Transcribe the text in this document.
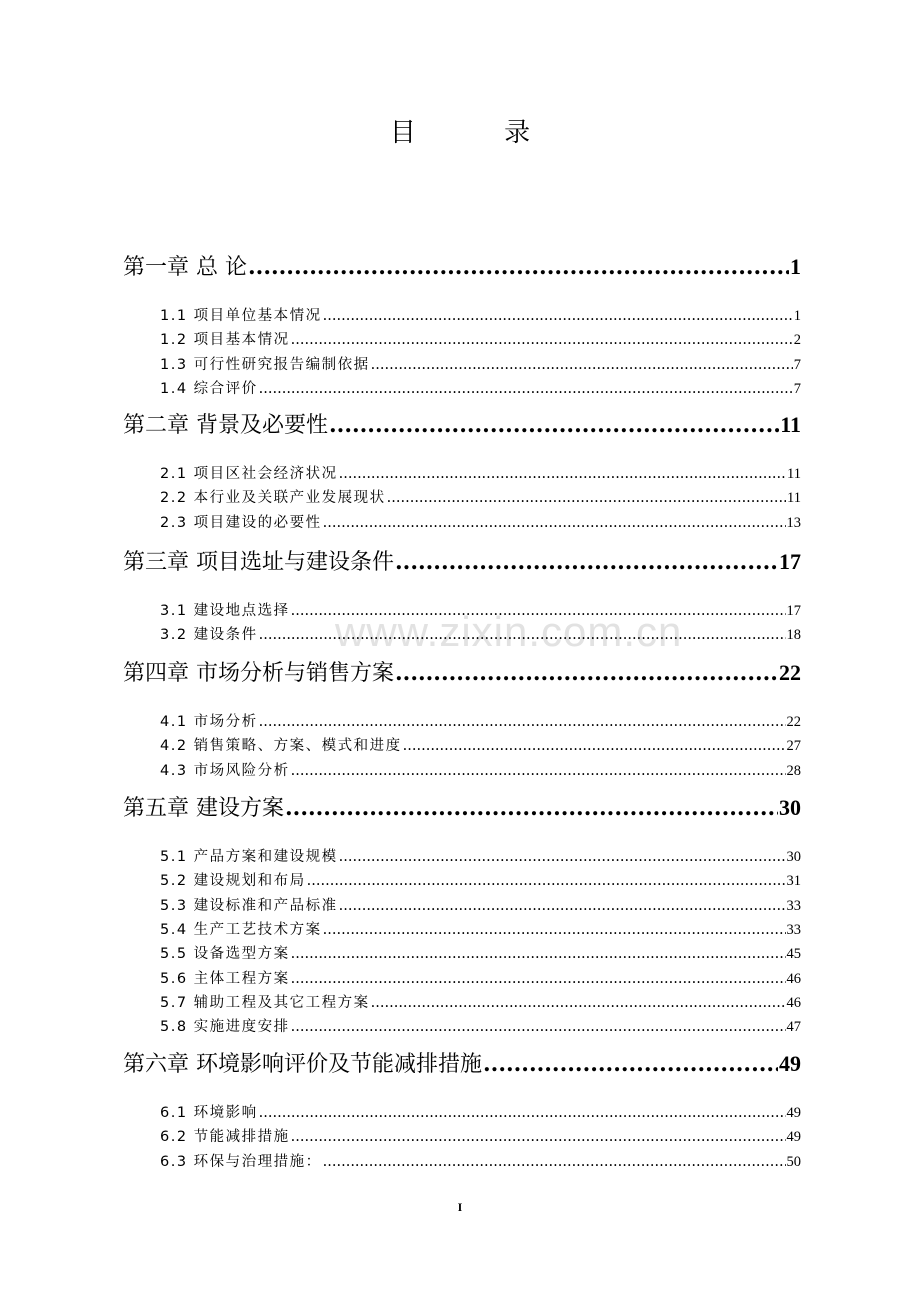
目 录
www.zixin.com.cn
第一章 总 论 .....	1
1.1 项目单位基本情况 .....	1
1.2 项目基本情况 .....	2
1.3 可行性研究报告编制依据 .....	7
1.4 综合评价 .....	7
第二章 背景及必要性 .....	11
2.1 项目区社会经济状况 .....	11
2.2 本行业及关联产业发展现状 .....	11
2.3 项目建设的必要性 .....	13
第三章 项目选址与建设条件 .....	17
3.1 建设地点选择 .....	17
3.2 建设条件 .....	18
第四章 市场分析与销售方案 .....	22
4.1 市场分析 .....	22
4.2 销售策略、方案、模式和进度 .....	27
4.3 市场风险分析 .....	28
第五章 建设方案 .....	30
5.1 产品方案和建设规模 .....	30
5.2 建设规划和布局 .....	31
5.3 建设标准和产品标准 .....	33
5.4 生产工艺技术方案 .....	33
5.5 设备选型方案 .....	45
5.6 主体工程方案 .....	46
5.7 辅助工程及其它工程方案 .....	46
5.8 实施进度安排 .....	47
第六章 环境影响评价及节能减排措施 .....	49
6.1 环境影响 .....	49
6.2 节能减排措施 .....	49
6.3 环保与治理措施： .....	50
I
